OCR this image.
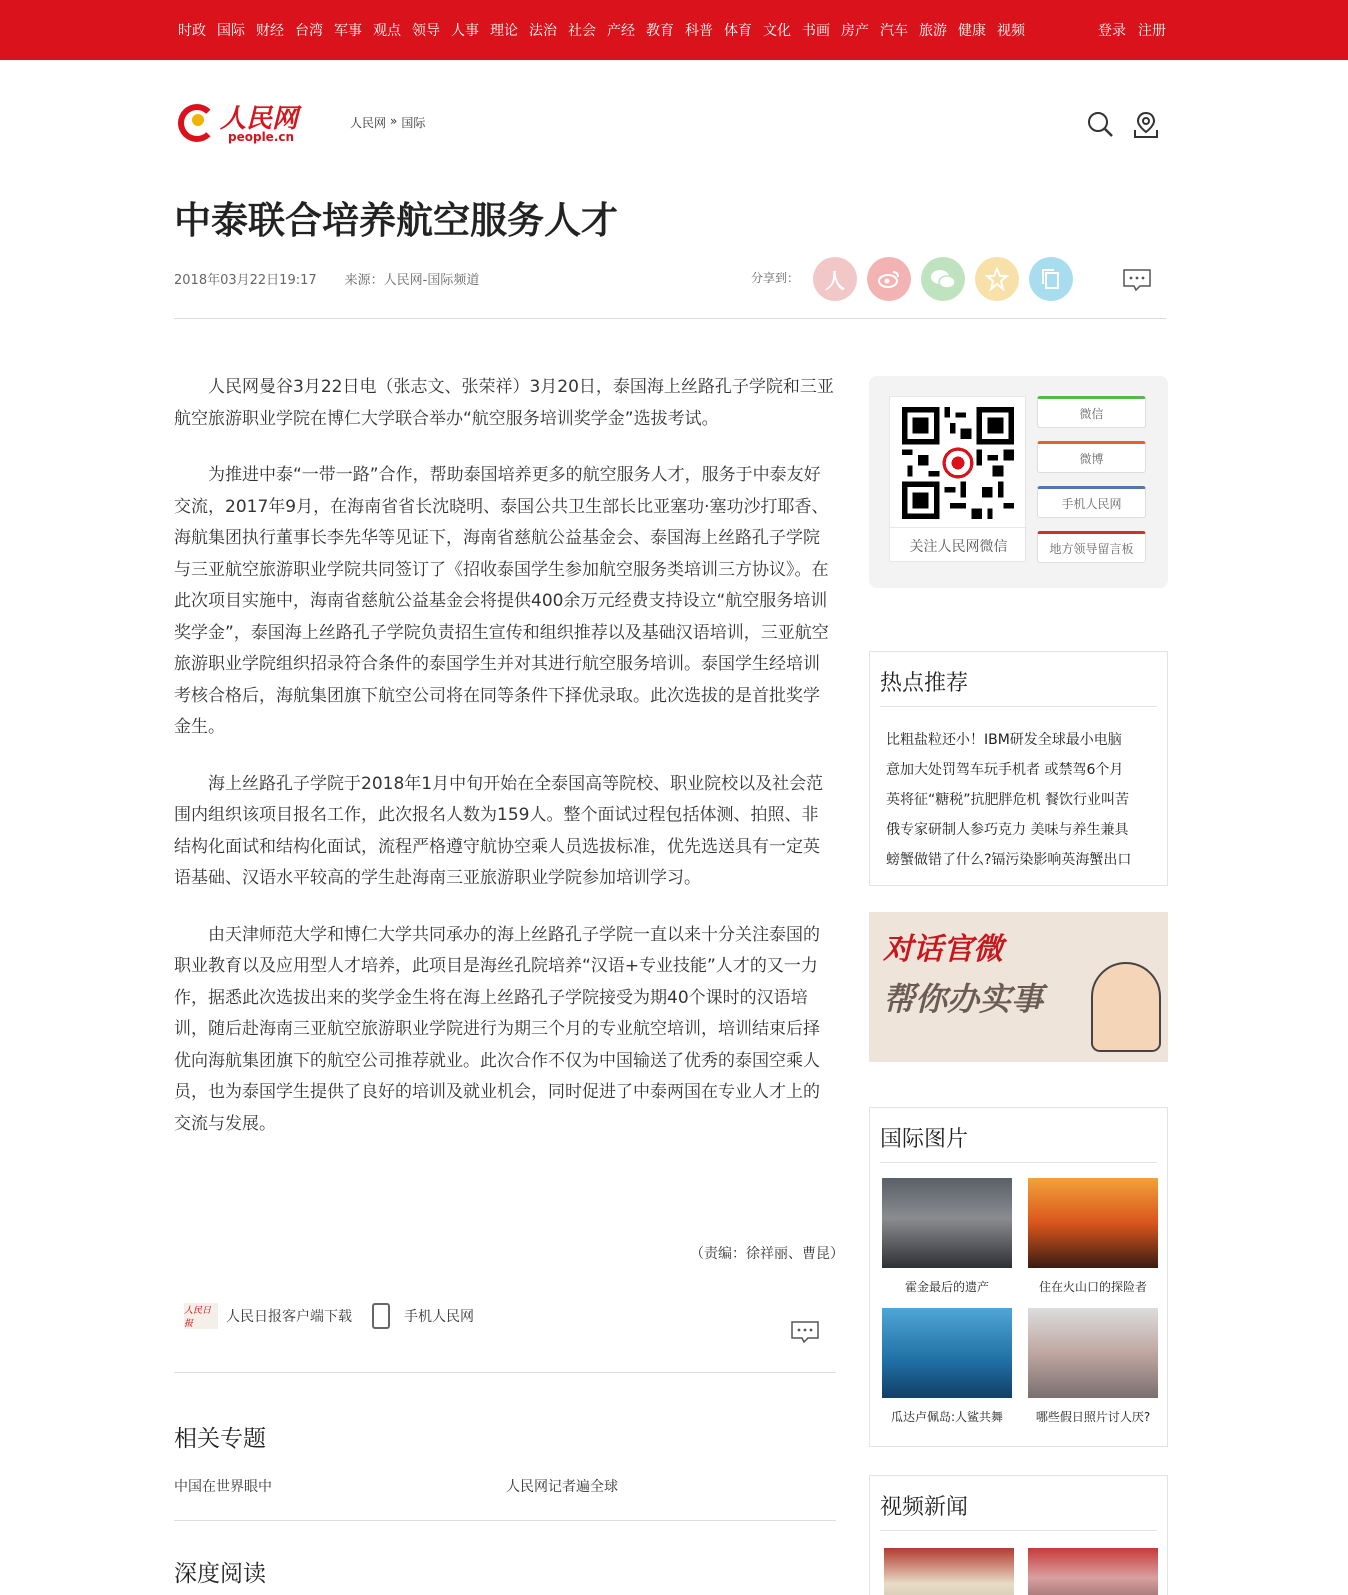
时政 国际 财经 台湾 军事 观点 领导 人事 理论 法治 社会 产经 教育 科普 体育 文化 书画 房产 汽车 旅游 健康 视频	登录 注册
人民网
people.cn
人民网 » 国际
中泰联合培养航空服务人才
2018年03月22日19:17 来源：人民网-国际频道	分享到： 人

人民网曼谷3月22日电（张志文、张荣祥）3月20日，泰国海上丝路孔子学院和三亚航空旅游职业学院在博仁大学联合举办“航空服务培训奖学金”选拔考试。

为推进中泰“一带一路”合作，帮助泰国培养更多的航空服务人才，服务于中泰友好交流，2017年9月，在海南省省长沈晓明、泰国公共卫生部长比亚塞功·塞功沙打耶香、海航集团执行董事长李先华等见证下，海南省慈航公益基金会、泰国海上丝路孔子学院与三亚航空旅游职业学院共同签订了《招收泰国学生参加航空服务类培训三方协议》。在此次项目实施中，海南省慈航公益基金会将提供400余万元经费支持设立“航空服务培训奖学金”，泰国海上丝路孔子学院负责招生宣传和组织推荐以及基础汉语培训，三亚航空旅游职业学院组织招录符合条件的泰国学生并对其进行航空服务培训。泰国学生经培训考核合格后，海航集团旗下航空公司将在同等条件下择优录取。此次选拔的是首批奖学金生。

海上丝路孔子学院于2018年1月中旬开始在全泰国高等院校、职业院校以及社会范围内组织该项目报名工作，此次报名人数为159人。整个面试过程包括体测、拍照、非结构化面试和结构化面试，流程严格遵守航协空乘人员选拔标准，优先选送具有一定英语基础、汉语水平较高的学生赴海南三亚旅游职业学院参加培训学习。

由天津师范大学和博仁大学共同承办的海上丝路孔子学院一直以来十分关注泰国的职业教育以及应用型人才培养，此项目是海丝孔院培养“汉语+专业技能”人才的又一力作，据悉此次选拔出来的奖学金生将在海上丝路孔子学院接受为期40个课时的汉语培训，随后赴海南三亚航空旅游职业学院进行为期三个月的专业航空培训，培训结束后择优向海航集团旗下的航空公司推荐就业。此次合作不仅为中国输送了优秀的泰国空乘人员，也为泰国学生提供了良好的培训及就业机会，同时促进了中泰两国在专业人才上的交流与发展。

（责编：徐祥丽、曹昆）
人民日报	人民日报客户端下载	手机人民网
相关专题
中国在世界眼中	人民网记者遍全球
深度阅读
关注人民网微信
微信
微博
手机人民网
地方领导留言板
热点推荐
比粗盐粒还小！IBM研发全球最小电脑
意加大处罚驾车玩手机者 或禁驾6个月
英将征“糖税”抗肥胖危机 餐饮行业叫苦
俄专家研制人参巧克力 美味与养生兼具
螃蟹做错了什么?镉污染影响英海蟹出口
对话官微
帮你办实事
国际图片
霍金最后的遗产	住在火山口的探险者
瓜达卢佩岛:人鲨共舞	哪些假日照片讨人厌?
视频新闻
